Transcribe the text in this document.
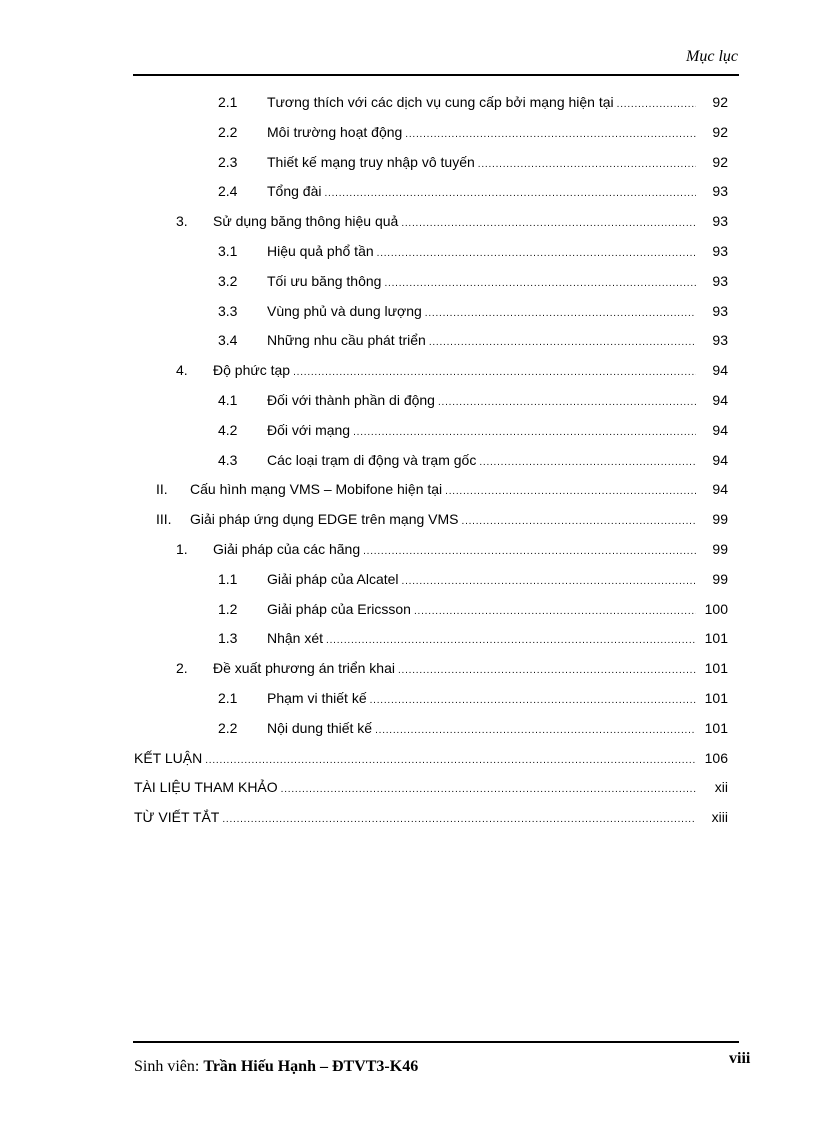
Mục lục
2.1 Tương thích với các dịch vụ cung cấp bởi mạng hiện tại . . .	92
2.2 Môi trường hoạt động . . .	92
2.3 Thiết kế mạng truy nhập vô tuyến . . .	92
2.4 Tổng đài . . .	93
3. Sử dụng băng thông hiệu quả . . .	93
3.1 Hiệu quả phổ tần . . .	93
3.2 Tối ưu băng thông . . .	93
3.3 Vùng phủ và dung lượng . . .	93
3.4 Những nhu cầu phát triển . . .	93
4. Độ phức tạp . . .	94
4.1 Đối với thành phần di động . . .	94
4.2 Đối với mạng . . .	94
4.3 Các loại trạm di động và trạm gốc . . .	94
II. Cấu hình mạng VMS – Mobifone hiện tại . . .	94
III. Giải pháp ứng dụng EDGE trên mạng VMS . . .	99
1. Giải pháp của các hãng . . .	99
1.1 Giải pháp của Alcatel . . .	99
1.2 Giải pháp của Ericsson . . .	100
1.3 Nhận xét . . .	101
2. Đề xuất phương án triển khai . . .	101
2.1 Phạm vi thiết kế . . .	101
2.2 Nội dung thiết kế . . .	101
KẾT LUẬN . . .	106
TÀI LIỆU THAM KHẢO . . .	xii
TỪ VIẾT TẮT . . .	xiii
Sinh viên: Trần Hiếu Hạnh – ĐTVT3-K46	viii
